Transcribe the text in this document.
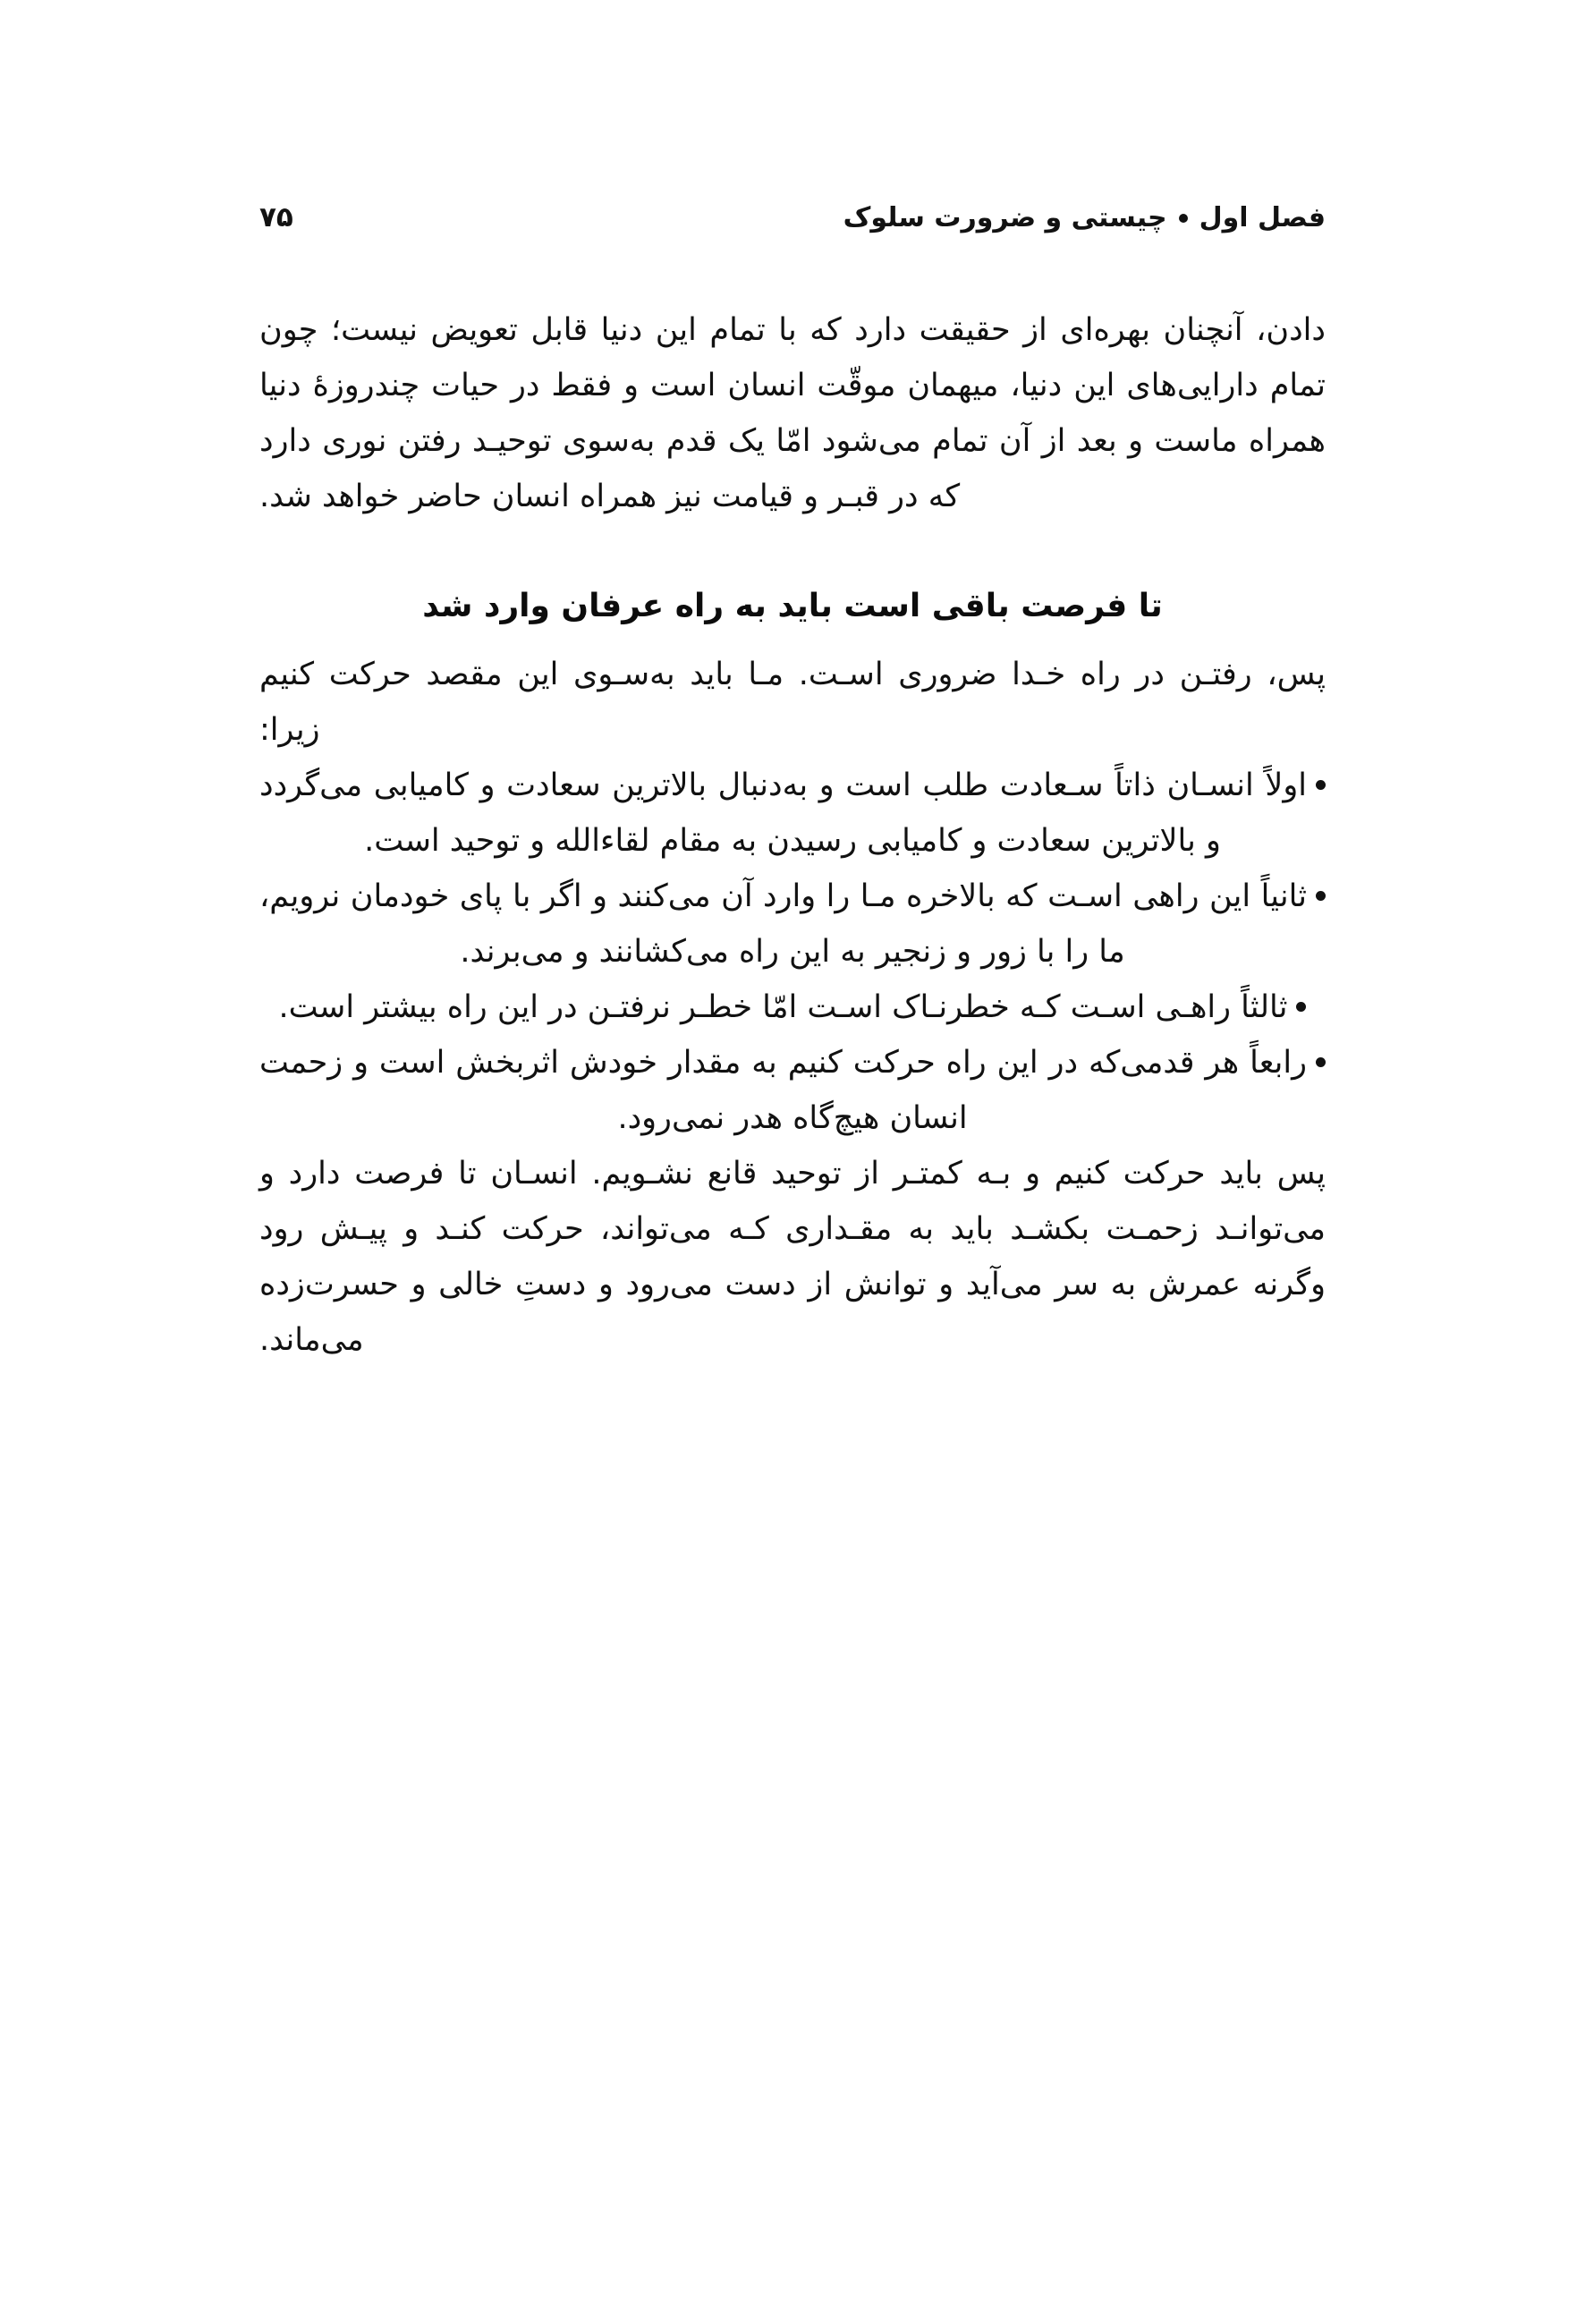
فصل اولچیستی و ضرورت سلوک
۷۵

دادن، آنچنان بهره‌ای از حقیقت دارد که با تمام این دنیا قابل تعویض نیست؛ چون تمام دارایی‌های این دنیا، میهمان موقّت انسان است و فقط در حیات چندروزهٔ دنیا همراه ماست و بعد از آن تمام می‌شود امّا یک قدم به‌سوی توحیـد رفتن نوری دارد که در قبـر و قیامت نیز همراه انسان حاضر خواهد شد.

تا فرصت باقی است باید به راه عرفان وارد شد

پس، رفتـن در راه خـدا ضروری اسـت. مـا باید به‌سـوی این مقصد حرکت کنیم زیرا:

اولاً انسـان ذاتاً سـعادت طلب است و به‌دنبال بالاترین سعادت و کامیابی می‌گردد و بالاترین سعادت و کامیابی رسیدن به مقام لقاءالله و توحید است.
ثانیاً این راهی اسـت که بالاخره مـا را وارد آن می‌کنند و اگر با پای خودمان نرویم، ما را با زور و زنجیر به این راه می‌کشانند و می‌برند.
ثالثاً راهـی اسـت کـه خطرنـاک اسـت امّا خطـر نرفتـن در این راه بیشتر است.
رابعاً هر قدمی‌که در این راه حرکت کنیم به مقدار خودش اثربخش است و زحمت انسان هیچ‌گاه هدر نمی‌رود.

پس باید حرکت کنیم و بـه کمتـر از توحید قانع نشـویم. انسـان تا فرصت دارد و می‌توانـد زحمـت بکشـد باید به مقـداری کـه می‌تواند، حرکت کنـد و پیـش رود وگرنه عمرش به سر می‌آید و توانش از دست می‌رود و دستِ خالی و حسرت‌زده می‌ماند.
